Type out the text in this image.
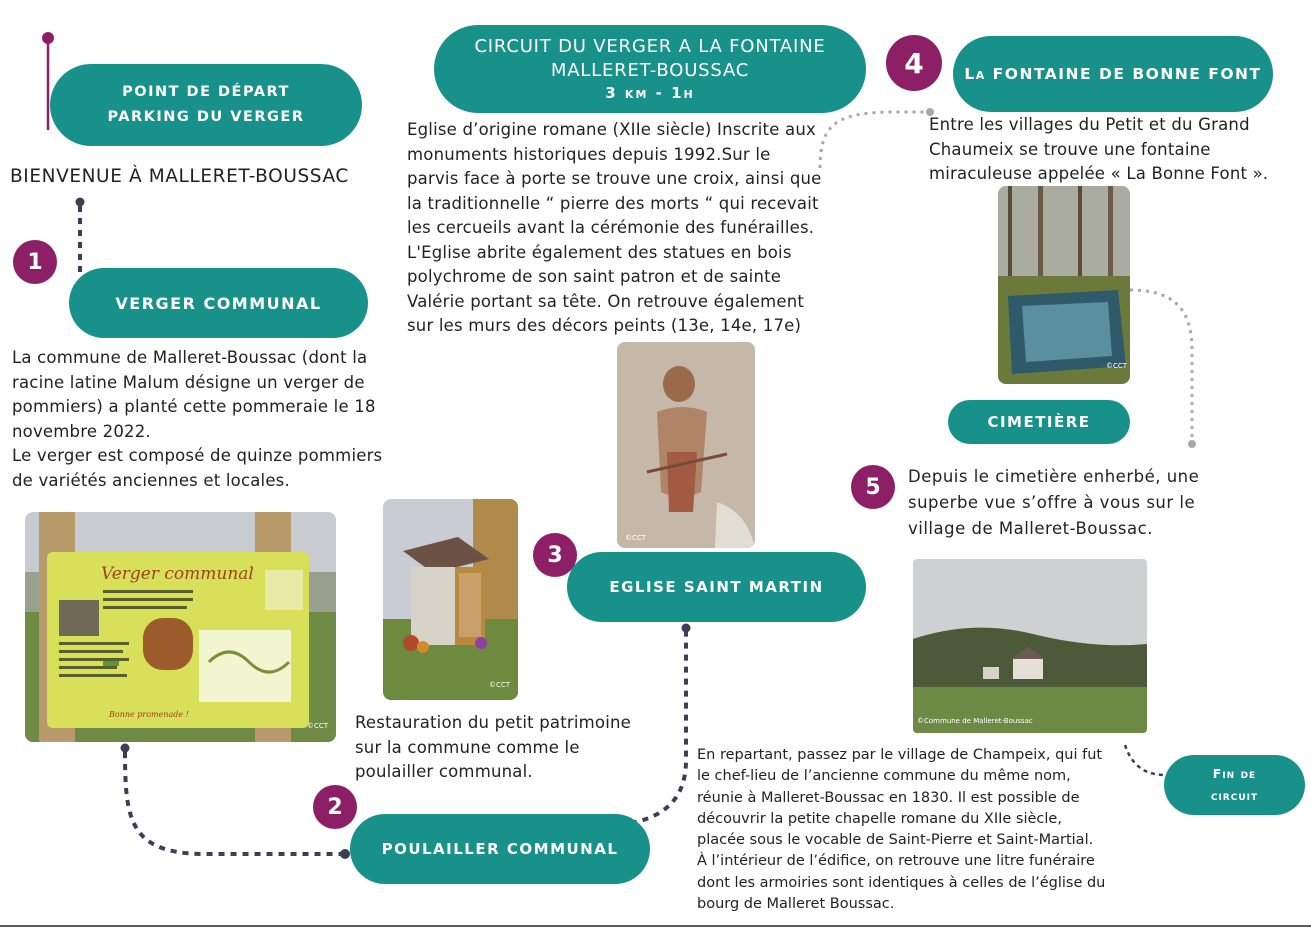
CIRCUIT DU VERGER A LA FONTAINE
MALLERET-BOUSSAC
3 km - 1h
POINT DE DÉPART
PARKING DU VERGER
BIENVENUE À MALLERET-BOUSSAC
1
VERGER COMMUNAL
La commune de Malleret-Boussac (dont la
racine latine Malum désigne un verger de
pommiers) a planté cette pommeraie le 18
novembre 2022.
Le verger est composé de quinze pommiers
de variétés anciennes et locales.
Verger communal
Bonne promenade !
©CCT
©CCT
Restauration du petit patrimoine
sur la commune comme le
poulailler communal.
2
POULAILLER COMMUNAL
Eglise d’origine romane (XIIe siècle) Inscrite aux
monuments historiques depuis 1992.Sur le
parvis face à porte se trouve une croix, ainsi que
la traditionnelle “ pierre des morts “ qui recevait
les cercueils avant la cérémonie des funérailles.
L'Eglise abrite également des statues en bois
polychrome de son saint patron et de sainte
Valérie portant sa tête. On retrouve également
sur les murs des décors peints (13e, 14e, 17e)
©CCT
3
EGLISE SAINT MARTIN
4	La FONTAINE DE BONNE FONT
Entre les villages du Petit et du Grand
Chaumeix se trouve une fontaine
miraculeuse appelée « La Bonne Font ».
©CCT
CIMETIÈRE
5	Depuis le cimetière enherbé, une
superbe vue s’offre à vous sur le
village de Malleret-Boussac.
©Commune de Malleret-Boussac
En repartant, passez par le village de Champeix, qui fut
le chef-lieu de l’ancienne commune du même nom,
réunie à Malleret-Boussac en 1830. Il est possible de
découvrir la petite chapelle romane du XIIe siècle,
placée sous le vocable de Saint-Pierre et Saint-Martial.
À l’intérieur de l’édifice, on retrouve une litre funéraire
dont les armoiries sont identiques à celles de l’église du
bourg de Malleret Boussac.
Fin de
circuit
